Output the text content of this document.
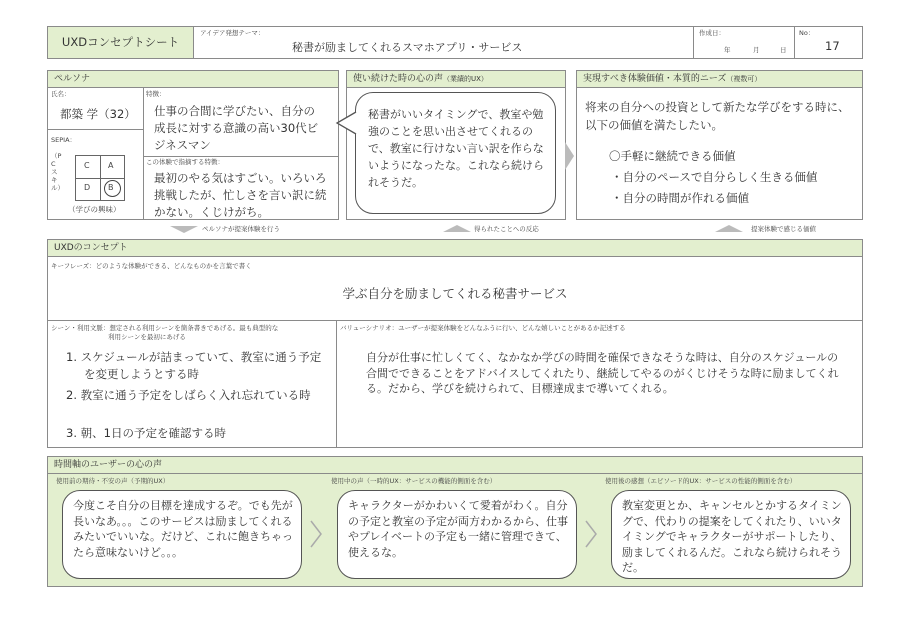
UXDコンセプトシート
アイデア発想テーマ：
秘書が励ましてくれるスマホアプリ・サービス
作成日：
年	月	日
No：
17
ペルソナ
氏名：
都築 学（32）
特徴：
仕事の合間に学びたい、自分の成長に対する意識の高い30代ビジネスマン
SEPIA：
（PCスキル）
C A
D B
（学びの興味）
この体験で指摘する特徴：
最初のやる気はすごい。いろいろ挑戦したが、忙しさを言い訳に続かない。くじけがち。
ペルソナが提案体験を行う
使い続けた時の心の声（業績的UX）
秘書がいいタイミングで、教室や勉強のことを思い出させてくれるので、教室に行けない言い訳を作らないようになったな。これなら続けられそうだ。
得られたことへの反応
実現すべき体験価値・本質的ニーズ（複数可）
将来の自分への投資として新たな学びをする時に、以下の価値を満たしたい。
〇手軽に継続できる価値
・自分のペースで自分らしく生きる価値
・自分の時間が作れる価値
提案体験で感じる価値
UXDのコンセプト
キーフレーズ：どのような体験ができる、どんなものかを言葉で書く
学ぶ自分を励ましてくれる秘書サービス
シーン・利用文脈：想定される利用シーンを箇条書きであげる。最も典型的な
利用シーンを最初にあげる
1. スケジュールが詰まっていて、教室に通う予定を変更しようとする時
2. 教室に通う予定をしばらく入れ忘れている時
3. 朝、1日の予定を確認する時
バリューシナリオ：ユーザーが提案体験をどんなふうに行い、どんな嬉しいことがあるか記述する
自分が仕事に忙しくてく、なかなか学びの時間を確保できなそうな時は、自分のスケジュールの合間でできることをアドバイスしてくれたり、継続してやるのがくじけそうな時に励ましてくれる。だから、学びを続けられて、目標達成まで導いてくれる。
時間軸のユーザーの心の声
使用前の期待・不安の声（予期的UX）	使用中の声（一時的UX：サービスの機能的側面を含む）	使用後の感想（エピソード的UX：サービスの性能的側面を含む）
今度こそ自分の目標を達成するぞ。でも先が長いなあ。。。このサービスは励ましてくれるみたいでいいな。だけど、これに飽きちゃったら意味ないけど。。。
キャラクターがかわいくて愛着がわく。自分の予定と教室の予定が両方わかるから、仕事やプレイベートの予定も一緒に管理できて、使えるな。
教室変更とか、キャンセルとかするタイミングで、代わりの提案をしてくれたり、いいタイミングでキャラクターがサポートしたり、励ましてくれるんだ。これなら続けられそうだ。
